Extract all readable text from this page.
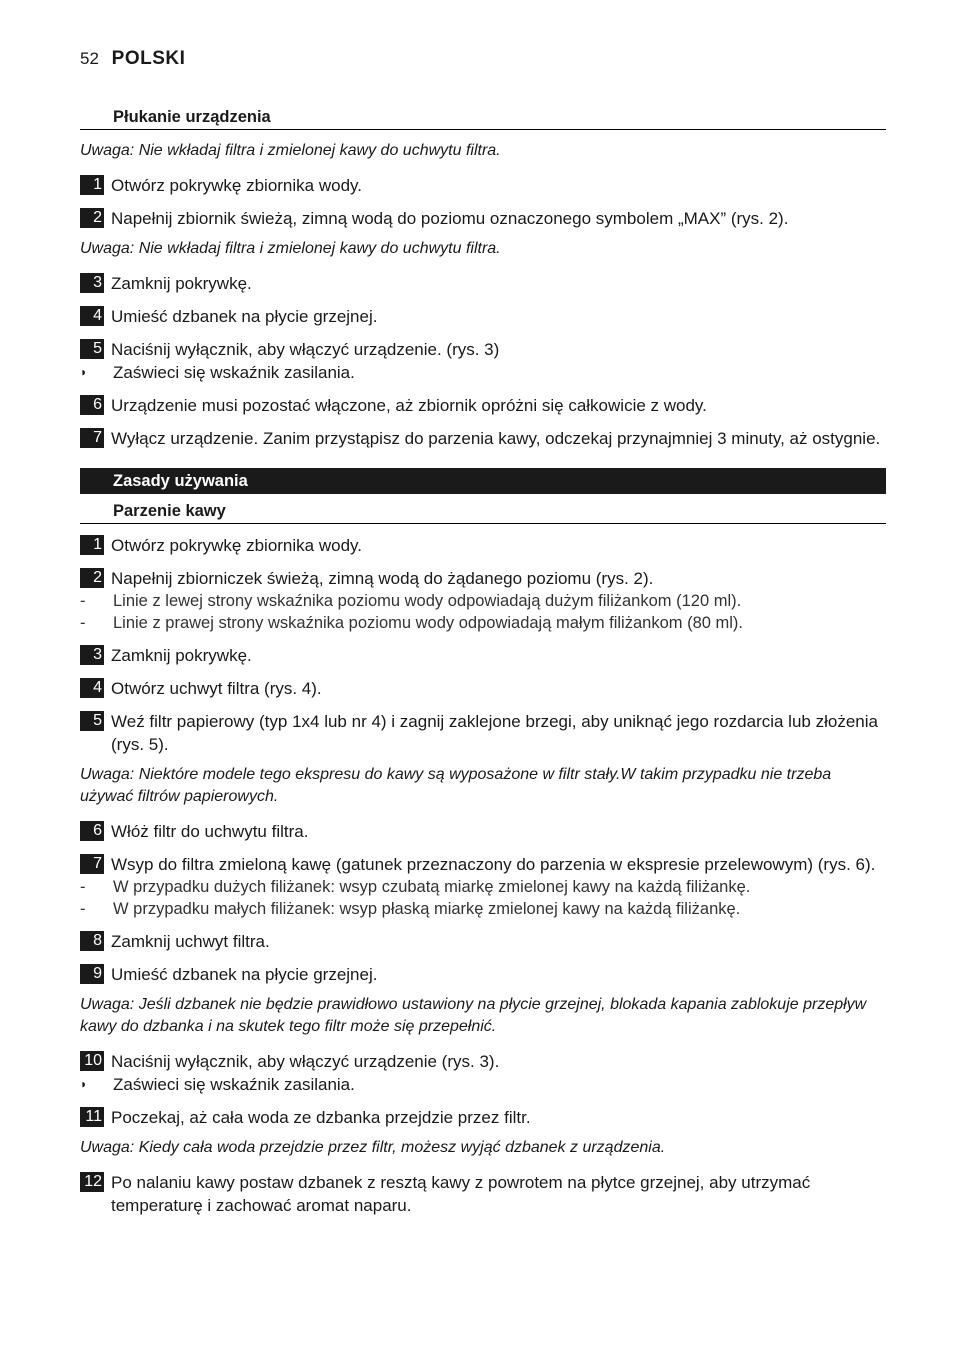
52 POLSKI
Płukanie urządzenia
Uwaga: Nie wkładaj filtra i zmielonej kawy do uchwytu filtra.
1 Otwórz pokrywkę zbiornika wody.
2 Napełnij zbiornik świeżą, zimną wodą do poziomu oznaczonego symbolem „MAX” (rys. 2).
Uwaga: Nie wkładaj filtra i zmielonej kawy do uchwytu filtra.
3 Zamknij pokrywkę.
4 Umieść dzbanek na płycie grzejnej.
5 Naciśnij wyłącznik, aby włączyć urządzenie. (rys. 3)
◗	Zaświeci się wskaźnik zasilania.
6 Urządzenie musi pozostać włączone, aż zbiornik opróżni się całkowicie z wody.
7 Wyłącz urządzenie. Zanim przystąpisz do parzenia kawy, odczekaj przynajmniej 3 minuty, aż ostygnie.
Zasady używania
Parzenie kawy
1 Otwórz pokrywkę zbiornika wody.
2 Napełnij zbiorniczek świeżą, zimną wodą do żądanego poziomu (rys. 2).
-	Linie z lewej strony wskaźnika poziomu wody odpowiadają dużym filiżankom (120 ml).
-	Linie z prawej strony wskaźnika poziomu wody odpowiadają małym filiżankom (80 ml).
3 Zamknij pokrywkę.
4 Otwórz uchwyt filtra (rys. 4).
5 Weź filtr papierowy (typ 1x4 lub nr 4) i zagnij zaklejone brzegi, aby uniknąć jego rozdarcia lub złożenia (rys. 5).
Uwaga: Niektóre modele tego ekspresu do kawy są wyposażone w filtr stały.W takim przypadku nie trzeba używać filtrów papierowych.
6 Włóż filtr do uchwytu filtra.
7 Wsyp do filtra zmieloną kawę (gatunek przeznaczony do parzenia w ekspresie przelewowym) (rys. 6).
-	W przypadku dużych filiżanek: wsyp czubatą miarkę zmielonej kawy na każdą filiżankę.
-	W przypadku małych filiżanek: wsyp płaską miarkę zmielonej kawy na każdą filiżankę.
8 Zamknij uchwyt filtra.
9 Umieść dzbanek na płycie grzejnej.
Uwaga: Jeśli dzbanek nie będzie prawidłowo ustawiony na płycie grzejnej, blokada kapania zablokuje przepływ kawy do dzbanka i na skutek tego filtr może się przepełnić.
10 Naciśnij wyłącznik, aby włączyć urządzenie (rys. 3).
◗	Zaświeci się wskaźnik zasilania.
11 Poczekaj, aż cała woda ze dzbanka przejdzie przez filtr.
Uwaga: Kiedy cała woda przejdzie przez filtr, możesz wyjąć dzbanek z urządzenia.
12 Po nalaniu kawy postaw dzbanek z resztą kawy z powrotem na płytce grzejnej, aby utrzymać temperaturę i zachować aromat naparu.
